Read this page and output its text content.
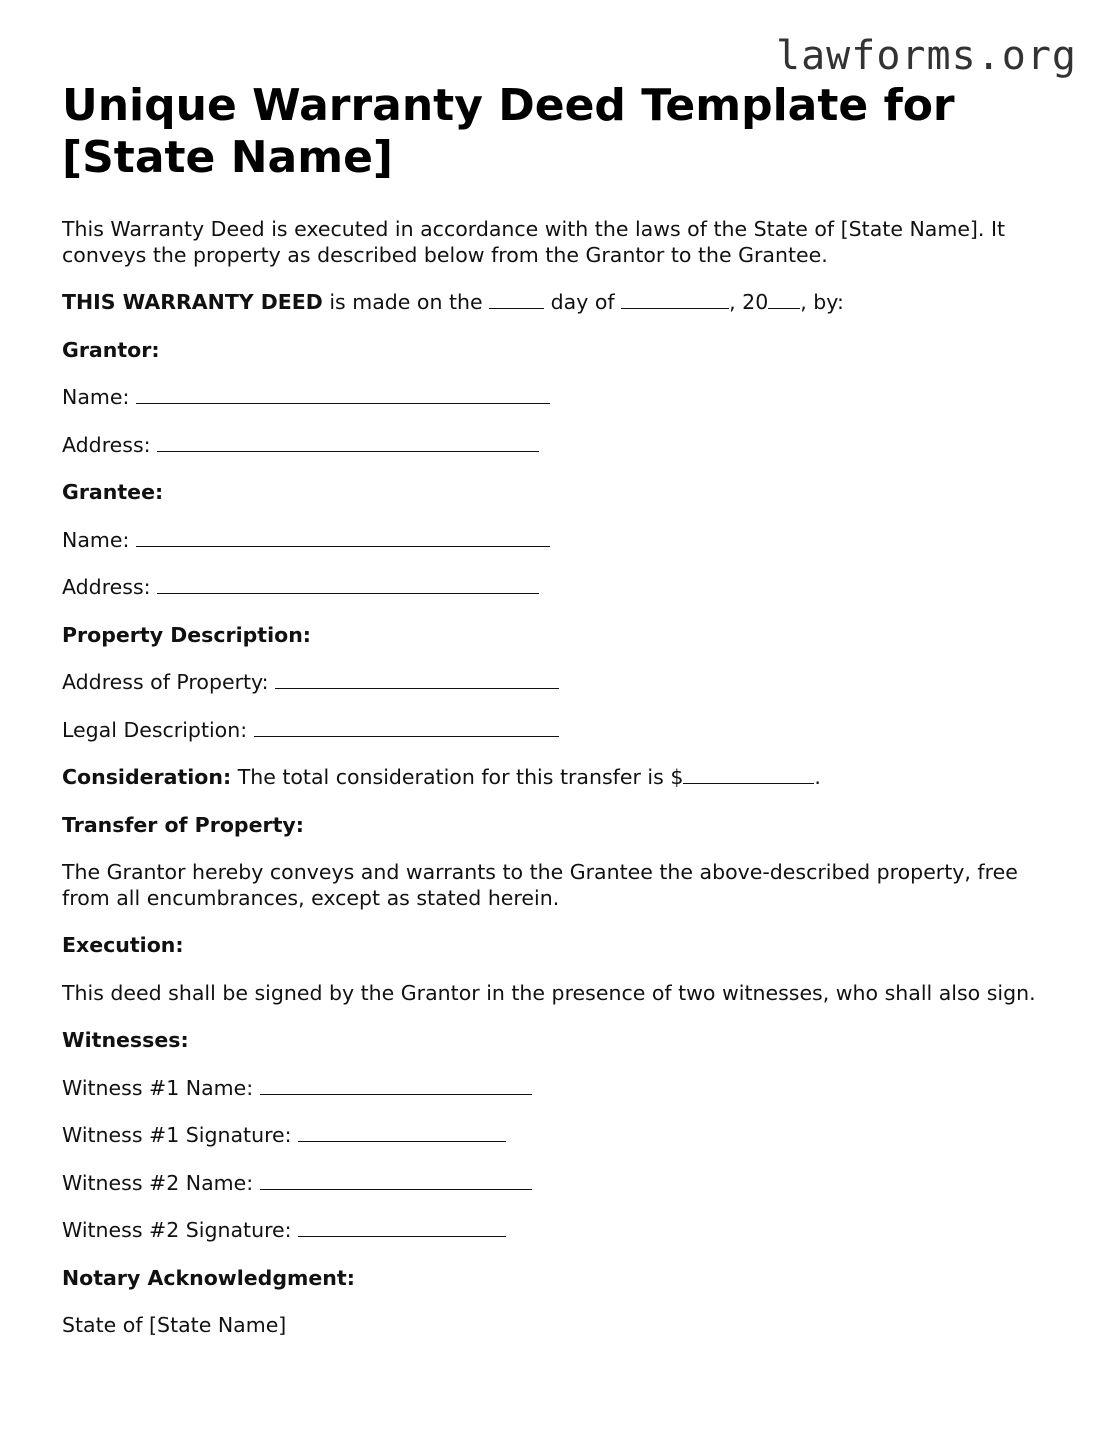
lawforms.org
Unique Warranty Deed Template for [State Name]

This Warranty Deed is executed in accordance with the laws of the State of [State Name]. It conveys the property as described below from the Grantor to the Grantee.

THIS WARRANTY DEED is made on the	day of	, 20 , by:

Grantor:

Name:

Address:

Grantee:

Name:

Address:

Property Description:

Address of Property:

Legal Description:

Consideration: The total consideration for this transfer is $	.

Transfer of Property:

The Grantor hereby conveys and warrants to the Grantee the above-described property, free from all encumbrances, except as stated herein.

Execution:

This deed shall be signed by the Grantor in the presence of two witnesses, who shall also sign.

Witnesses:

Witness #1 Name:

Witness #1 Signature:

Witness #2 Name:

Witness #2 Signature:

Notary Acknowledgment:

State of [State Name]
